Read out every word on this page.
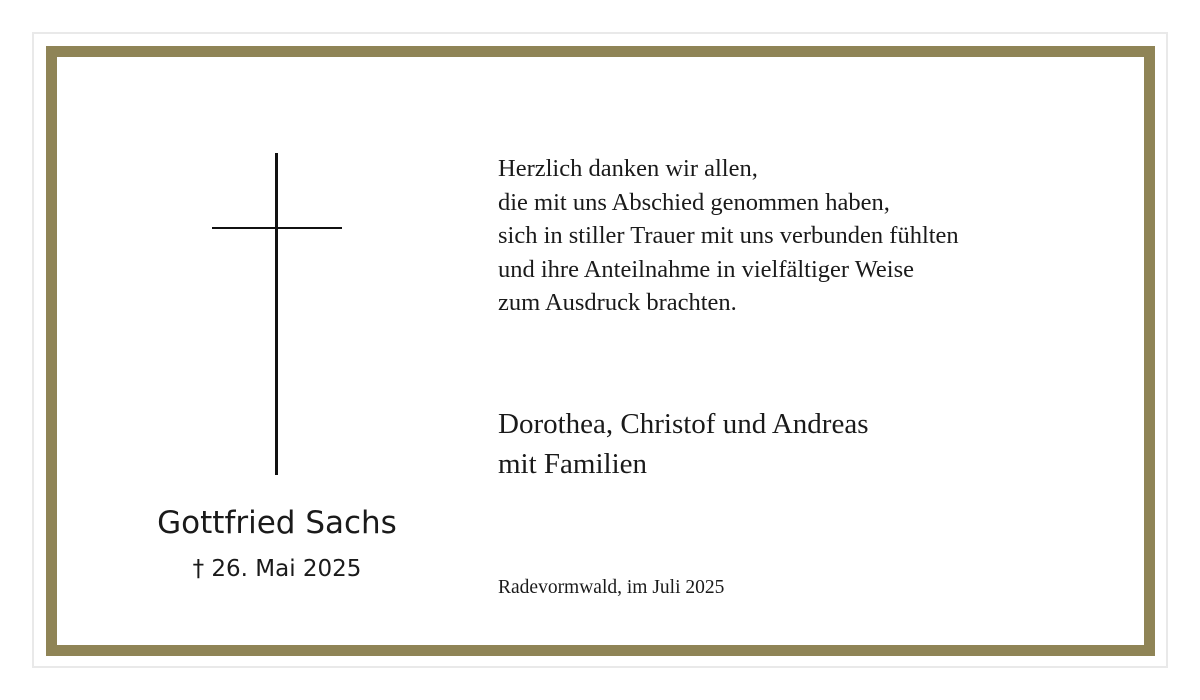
Gottfried Sachs
† 26. Mai 2025
Herzlich danken wir allen,
die mit uns Abschied genommen haben,
sich in stiller Trauer mit uns verbunden fühlten
und ihre Anteilnahme in vielfältiger Weise
zum Ausdruck brachten.
Dorothea, Christof und Andreas
mit Familien
Radevormwald, im Juli 2025
